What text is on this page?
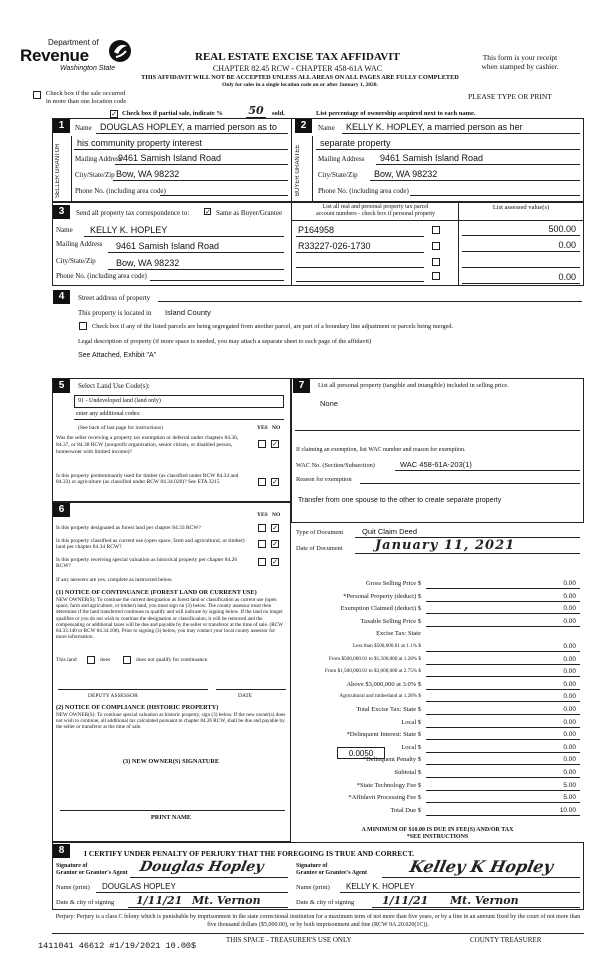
Department of
Revenue
Washington State
REAL ESTATE EXCISE TAX AFFIDAVIT
CHAPTER 82.45 RCW - CHAPTER 458-61A WAC
THIS AFFIDAVIT WILL NOT BE ACCEPTED UNLESS ALL AREAS ON ALL PAGES ARE FULLY COMPLETED
Only for sales in a single location code on or after January 1, 2020.
This form is your receipt
when stamped by cashier.
Check box if the sale occurred
in more than one location code
✓ Check box if partial sale, indicate % 50	sold.	List percentage of ownership acquired next to each name.
PLEASE TYPE OR PRINT
1	2
SELLER GRANTOR
Name DOUGLAS HOPLEY, a married person as to
his community property interest
Mailing Address
9461 Samish Island Road
City/State/Zip Bow, WA 98232
Phone No. (including area code)	BUYER GRANTEE
Name KELLY K. HOPLEY, a married person as her
separate property
Mailing Address 9461 Samish Island Road
City/State/Zip Bow, WA 98232
Phone No. (including area code)
3	Send all property tax correspondence to: ✓ Same as Buyer/Grantee
List all real and personal property tax parcel
account numbers - check box if personal property
List assessed value(s)
Name KELLY K. HOPLEY
Mailing Address 9461 Samish Island Road
City/State/Zip Bow, WA 98232
Phone No. (including area code)
P164958	500.00
R33227-026-1730	0.00
0.00
4	Street address of property
This property is located in Island County
Check box if any of the listed parcels are being segregated from another parcel, are part of a boundary line adjustment or parcels being merged.
Legal description of property (if more space is needed, you may attach a separate sheet to each page of the affidavit)
See Attached, Exhibit "A"
5	Select Land Use Code(s):
91 - Undeveloped land (land only)
enter any additional codes:
(See back of last page for instructions)	YES NO
Was the seller receiving a property tax exemption or deferral under chapters 84.36, 84.37, or 84.38 RCW (nonprofit organization, senior citizen, or disabled person, homeowner with limited income)?
✓
Is this property predominantly used for timber (as classified under RCW 84.34 and 84.33) or agriculture (as classified under RCW 84.34.020)? See ETA 3215	✓
6	YES NO
Is this property designated as forest land per chapter 84.33 RCW?	✓
Is this property classified as current use (open space, farm and agricultural, or timber) land per chapter 84.34 RCW?	✓
Is this property receiving special valuation as historical property per chapter 84.26 RCW?	✓
If any answers are yes, complete as instructed below.
(1) NOTICE OF CONTINUANCE (FOREST LAND OR CURRENT USE)
NEW OWNER(S): To continue the current designation as forest land or classification as current use (open space, farm and agriculture, or timber) land, you must sign on (3) below. The county assessor must then determine if the land transferred continues to qualify and will indicate by signing below. If the land no longer qualifies or you do not wish to continue the designation or classification, it will be removed and the compensating or additional taxes will be due and payable by the seller or transferor at the time of sale. (RCW 84.33.140 or RCW 84.34.108). Prior to signing (3) below, you may contact your local county assessor for more information.
This land	does	does not qualify for continuance.
DEPUTY ASSESSOR	DATE
(2) NOTICE OF COMPLIANCE (HISTORIC PROPERTY)
NEW OWNER(S): To continue special valuation as historic property, sign (3) below. If the new owner(s) does not wish to continue, all additional tax calculated pursuant to chapter 84.26 RCW, shall be due and payable by the seller or transferor at the time of sale.
(3) NEW OWNER(S) SIGNATURE
PRINT NAME
7	List all personal property (tangible and intangible) included in selling price.
None
If claiming an exemption, list WAC number and reason for exemption.
WAC No. (Section/Subsection)	WAC 458-61A-203(1)
Reason for exemption
Transfer from one spouse to the other to create separate property
Type of Document	Quit Claim Deed
Date of Document January 11, 2021
Gross Selling Price $	0.00
*Personal Property (deduct) $	0.00
Exemption Claimed (deduct) $	0.00
Taxable Selling Price $	0.00
Excise Tax: State
Less than $500,000.01 at 1.1% $	0.00
From $500,000.01 to $1,500,000 at 1.28% $	0.00
From $1,500,000.01 to $3,000,000 at 2.75% $	0.00
Above $3,000,000 at 3.0% $	0.00
Agricultural and timberland at 1.28% $	0.00
Total Excise Tax: State $	0.00
Local $	0.00
*Delinquent Interest: State $	0.00
Local $	0.00
*Delinquent Penalty $	0.00
Subtotal $	0.00
*State Technology Fee $	5.00
*Affidavit Processing Fee $	5.00
Total Due $	10.00
0.0050
A MINIMUM OF $10.00 IS DUE IN FEE(S) AND/OR TAX
*SEE INSTRUCTIONS
8	I CERTIFY UNDER PENALTY OF PERJURY THAT THE FOREGOING IS TRUE AND CORRECT.
Signature of
Grantor or Grantor's Agent Douglas Hopley
Name (print) DOUGLAS HOPLEY
Date & city of signing 1/11/21 Mt. Vernon
Signature of
Grantee or Grantee's Agent	Kelley K Hopley
Name (print) KELLY K. HOPLEY
Date & city of signing	1/11/21 Mt. Vernon
Perjury: Perjury is a class C felony which is punishable by imprisonment in the state correctional institution for a maximum term of not more than five years, or by a fine in an amount fixed by the court of not more than five thousand dollars ($5,000.00), or by both imprisonment and fine (RCW 9A.20.020(1C)).
1411041 46612 #1/19/2021 10.00$
THIS SPACE - TREASURER'S USE ONLY	COUNTY TREASURER
